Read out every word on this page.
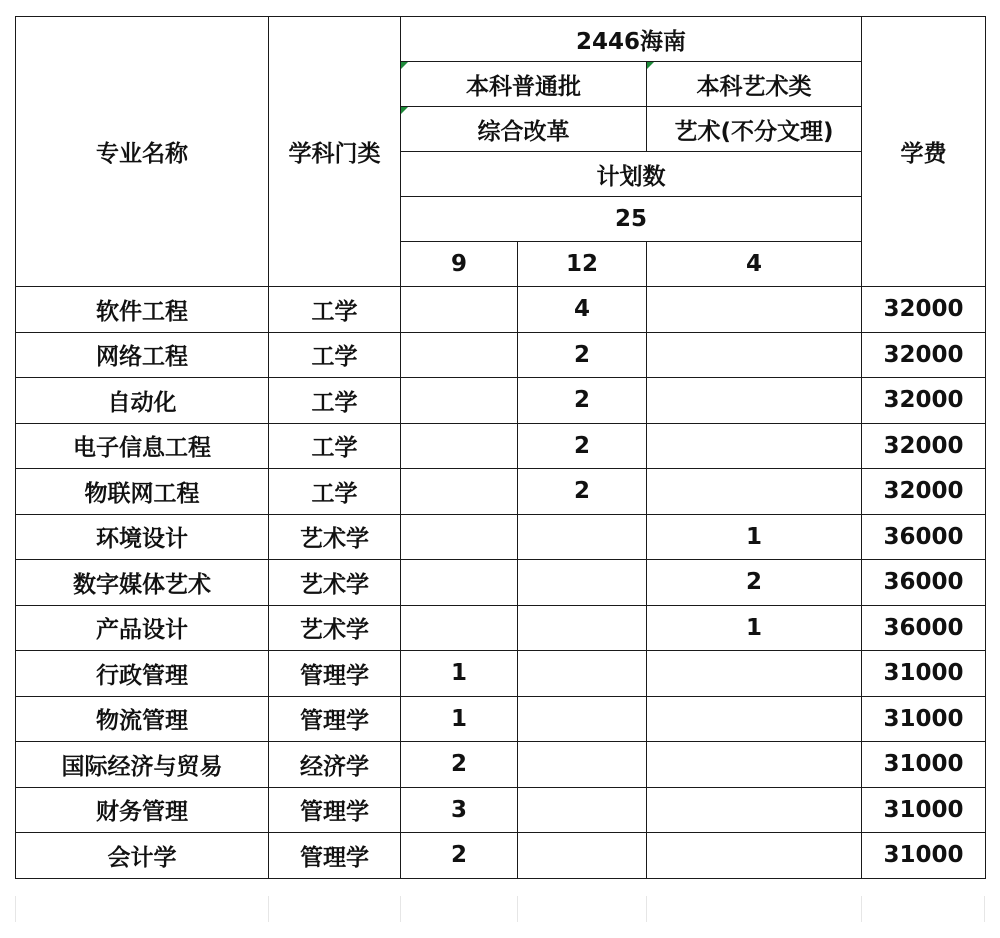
专业名称	学科门类	2446海南			学费
		本科普通批		本科艺术类	
		综合改革		艺术(不分文理)	
		计划数			
		25			
		9	12	4	
软件工程	工学		4		32000
网络工程	工学		2		32000
自动化	工学		2		32000
电子信息工程	工学		2		32000
物联网工程	工学		2		32000
环境设计	艺术学			1	36000
数字媒体艺术	艺术学			2	36000
产品设计	艺术学			1	36000
行政管理	管理学	1			31000
物流管理	管理学	1			31000
国际经济与贸易	经济学	2			31000
财务管理	管理学	3			31000
会计学	管理学	2			31000
